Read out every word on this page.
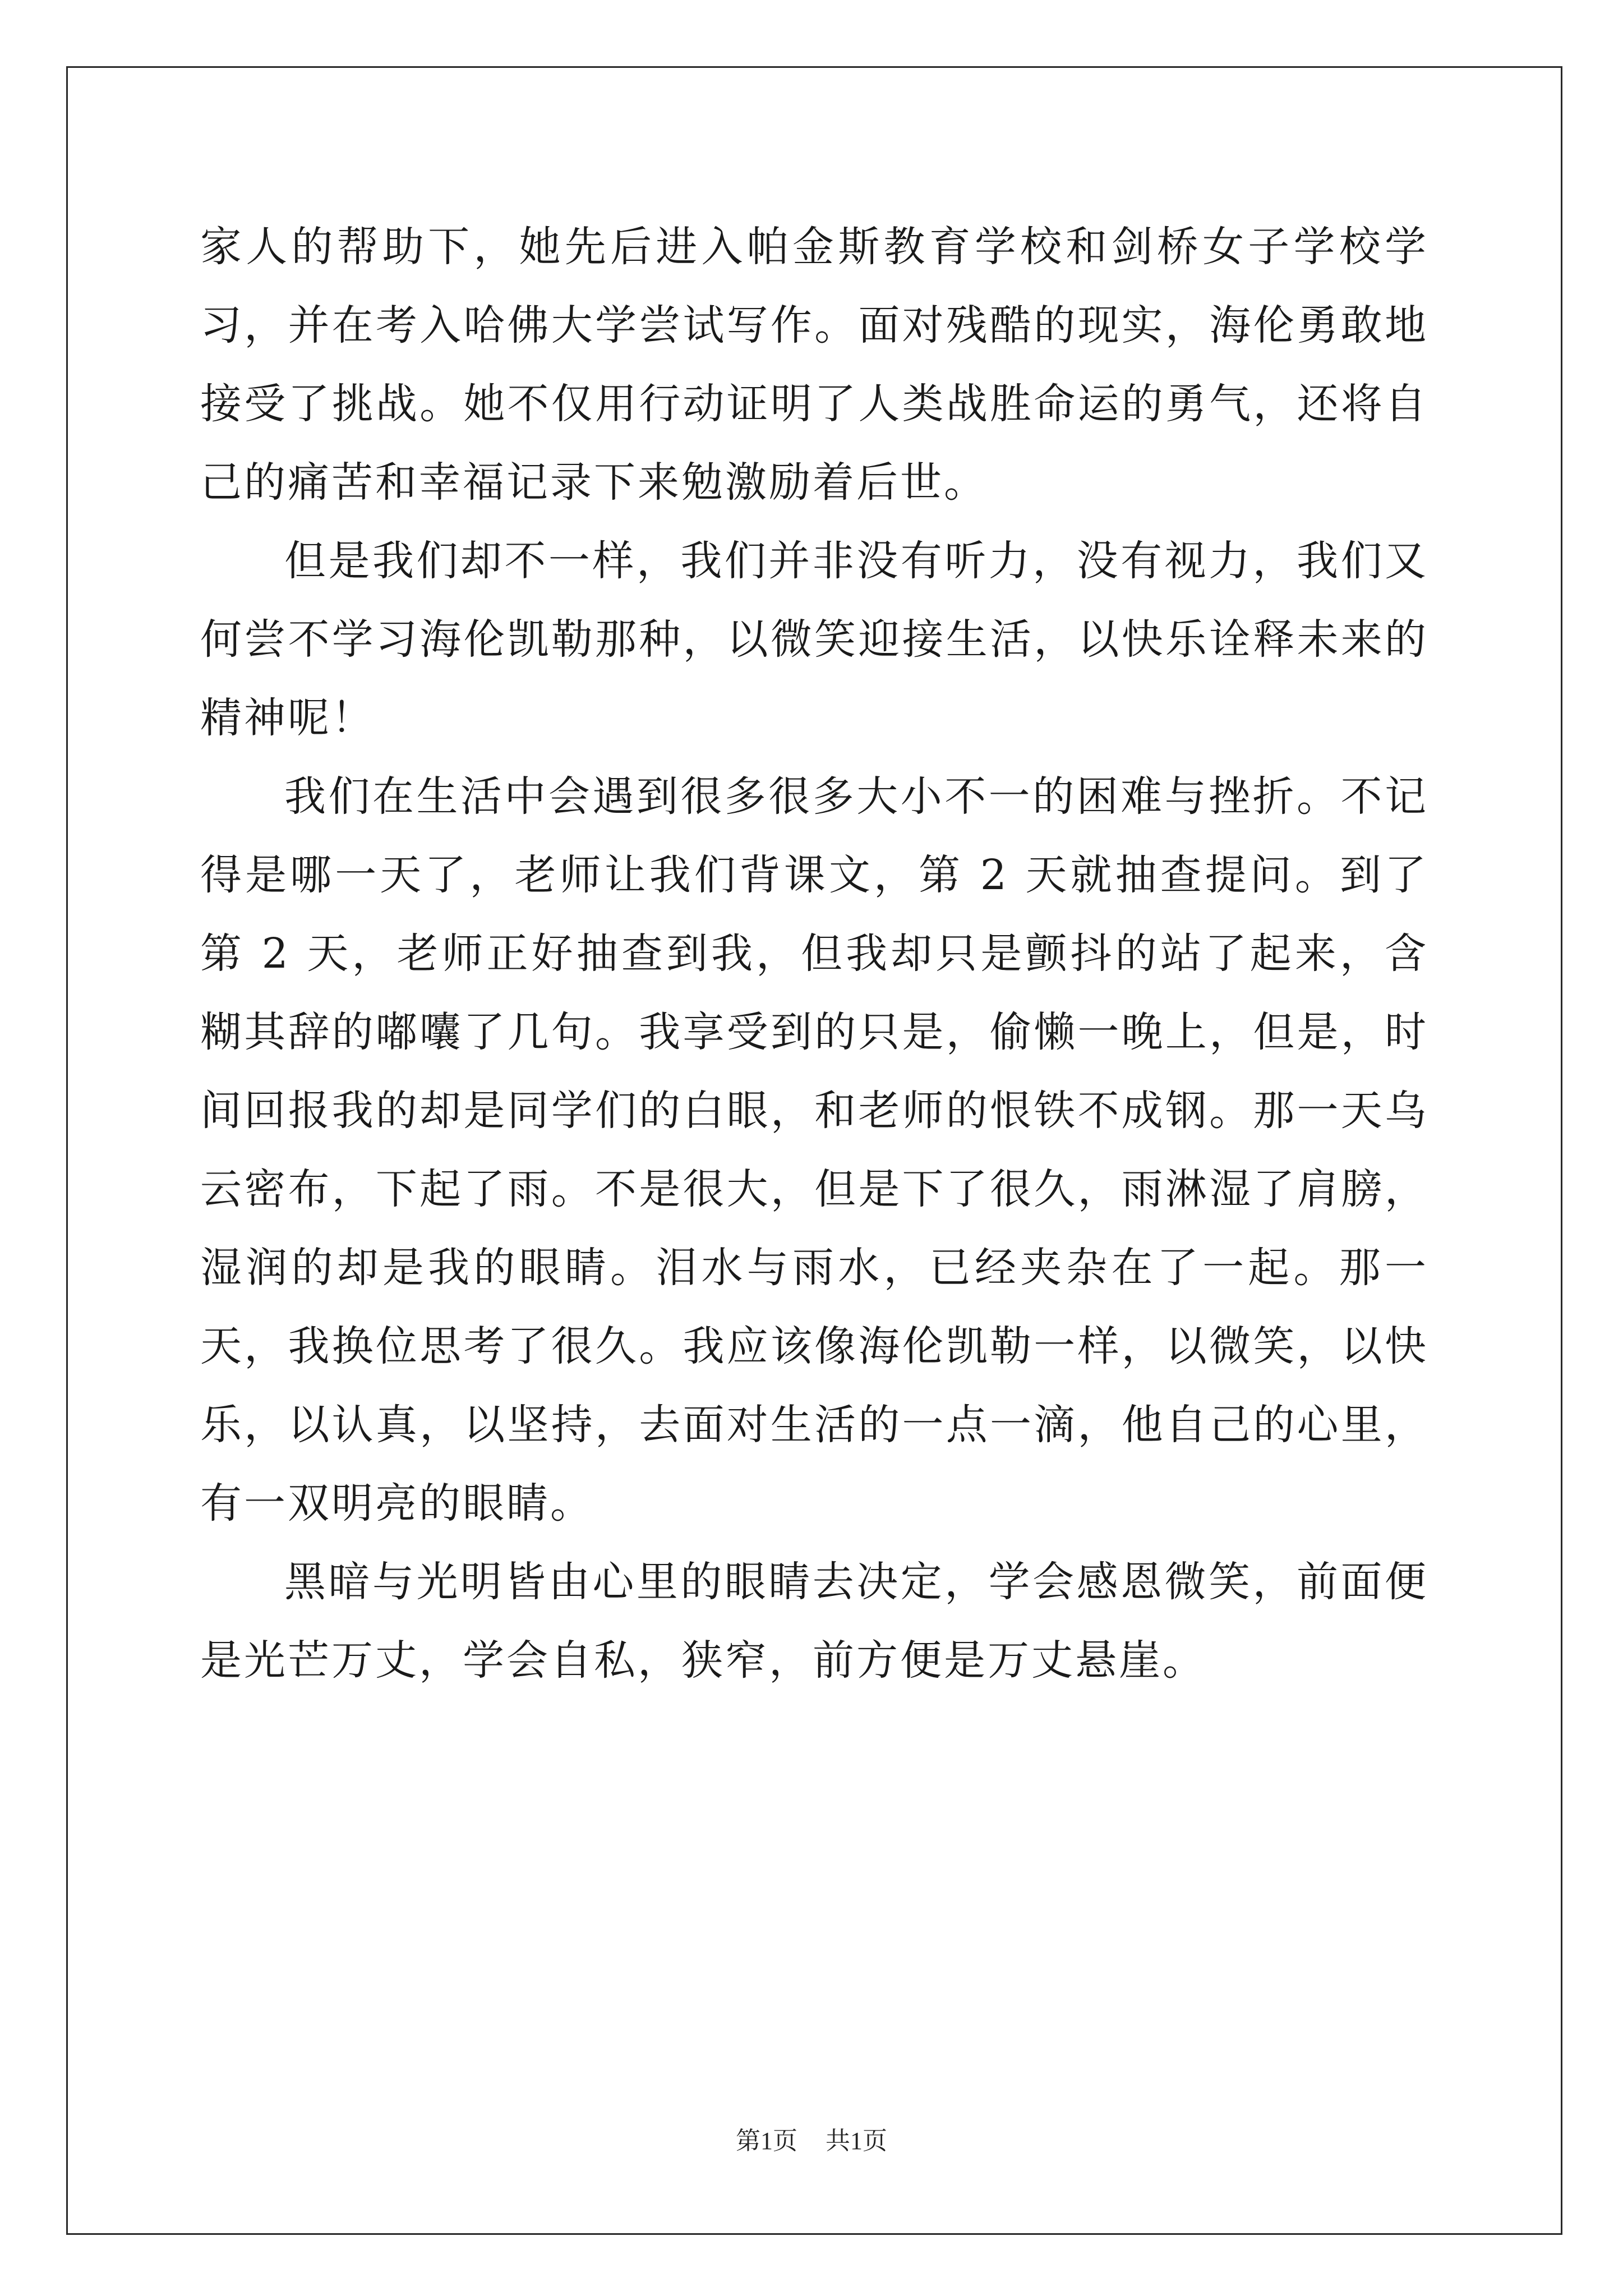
家人的帮助下，她先后进入帕金斯教育学校和剑桥女子学校学习，并在考入哈佛大学尝试写作。面对残酷的现实，海伦勇敢地接受了挑战。她不仅用行动证明了人类战胜命运的勇气，还将自己的痛苦和幸福记录下来勉激励着后世。

但是我们却不一样，我们并非没有听力，没有视力，我们又何尝不学习海伦凯勒那种，以微笑迎接生活，以快乐诠释未来的精神呢！

我们在生活中会遇到很多很多大小不一的困难与挫折。不记得是哪一天了，老师让我们背课文，第 2 天就抽查提问。到了第 2 天，老师正好抽查到我，但我却只是颤抖的站了起来，含糊其辞的嘟囔了几句。我享受到的只是，偷懒一晚上，但是，时间回报我的却是同学们的白眼，和老师的恨铁不成钢。那一天乌云密布，下起了雨。不是很大，但是下了很久，雨淋湿了肩膀，湿润的却是我的眼睛。泪水与雨水，已经夹杂在了一起。那一天，我换位思考了很久。我应该像海伦凯勒一样，以微笑，以快乐，以认真，以坚持，去面对生活的一点一滴，他自己的心里，有一双明亮的眼睛。

黑暗与光明皆由心里的眼睛去决定，学会感恩微笑，前面便是光芒万丈，学会自私，狭窄，前方便是万丈悬崖。

第1页 共1页
